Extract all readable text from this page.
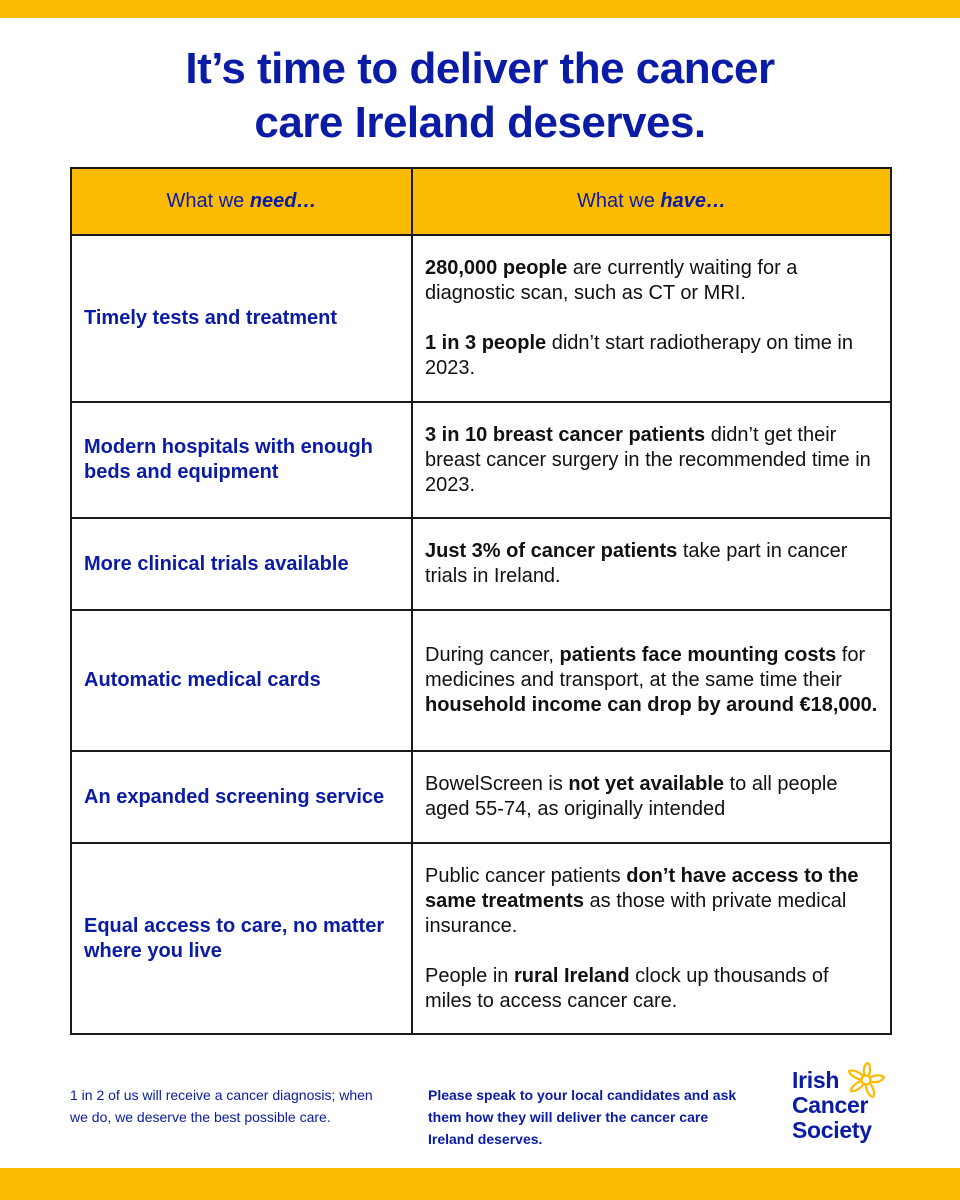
It’s time to deliver the cancer
care Ireland deserves.
What we need…	What we have…
Timely tests and treatment	280,000 people are currently waiting for a diagnostic scan, such as CT or MRI.

1 in 3 people didn’t start radiotherapy on time in 2023.

Modern hospitals with enough beds and equipment	3 in 10 breast cancer patients didn’t get their breast cancer surgery in the recommended time in 2023.

More clinical trials available	Just 3% of cancer patients take part in cancer trials in Ireland.

Automatic medical cards	During cancer, patients face mounting costs for medicines and transport, at the same time their household income can drop by around €18,000.

An expanded screening service	BowelScreen is not yet available to all people aged 55-74, as originally intended

Equal access to care, no matter where you live	Public cancer patients don’t have access to the same treatments as those with private medical insurance.

People in rural Ireland clock up thousands of miles to access cancer care.

1 in 2 of us will receive a cancer diagnosis; when we do, we deserve the best possible care.

Please speak to your local candidates and ask them how they will deliver the cancer care Ireland deserves.

Irish
Cancer
Society
